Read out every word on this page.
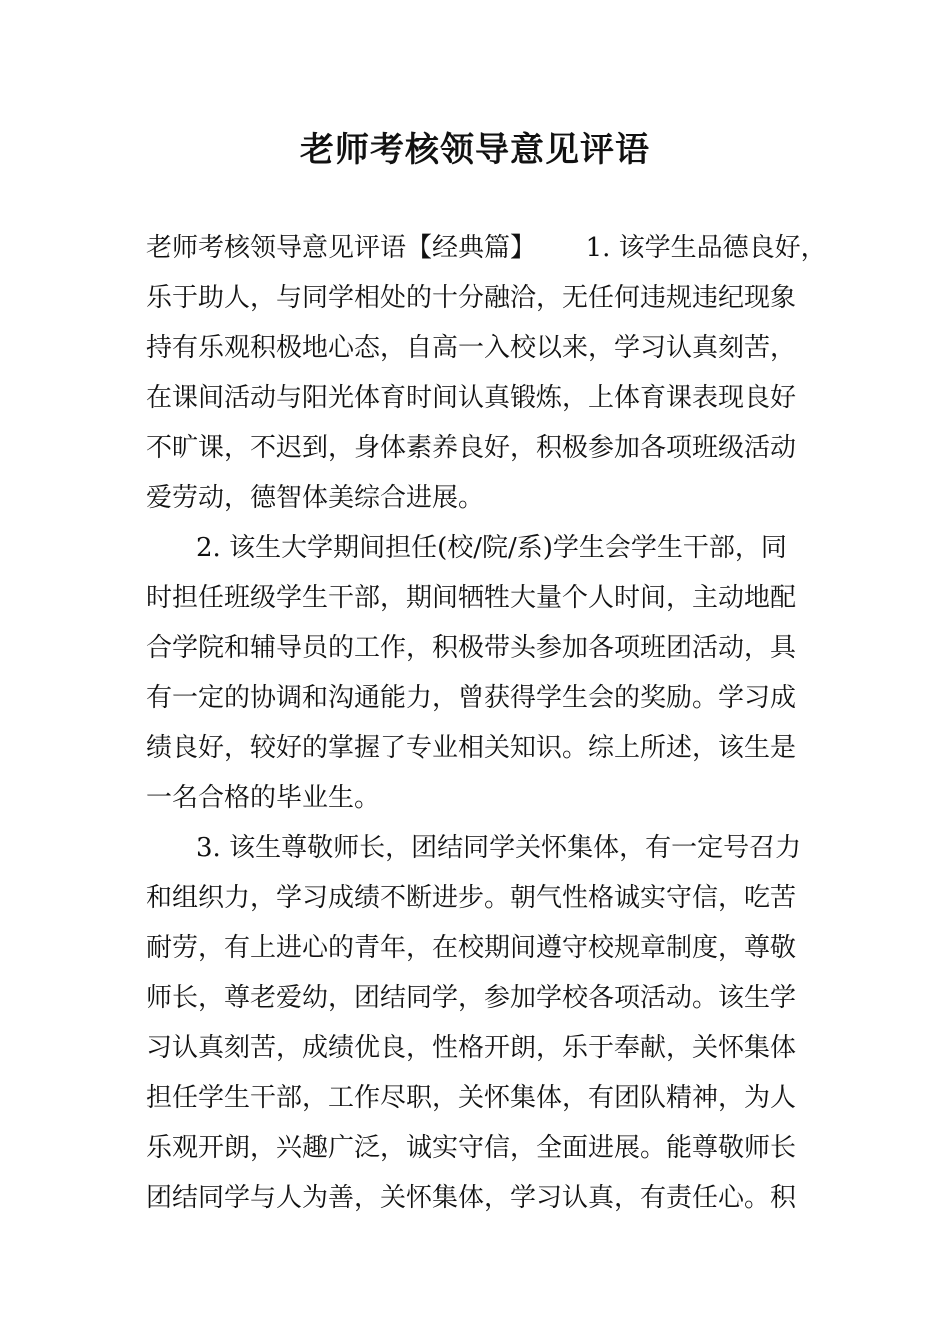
老师考核领导意见评语
老师考核领导意见评语【经典篇】      1. 该学生品德良好，
乐于助人，与同学相处的十分融洽，无任何违规违纪现象
持有乐观积极地心态，自高一入校以来，学习认真刻苦，
在课间活动与阳光体育时间认真锻炼，上体育课表现良好
不旷课，不迟到，身体素养良好，积极参加各项班级活动
爱劳动，德智体美综合进展。
2. 该生大学期间担任(校/院/系)学生会学生干部，同
时担任班级学生干部，期间牺牲大量个人时间，主动地配
合学院和辅导员的工作，积极带头参加各项班团活动，具
有一定的协调和沟通能力，曾获得学生会的奖励。学习成
绩良好，较好的掌握了专业相关知识。综上所述，该生是
一名合格的毕业生。
3. 该生尊敬师长，团结同学关怀集体，有一定号召力
和组织力，学习成绩不断进步。朝气性格诚实守信，吃苦
耐劳，有上进心的青年，在校期间遵守校规章制度，尊敬
师长，尊老爱幼，团结同学，参加学校各项活动。该生学
习认真刻苦，成绩优良，性格开朗，乐于奉献，关怀集体
担任学生干部，工作尽职，关怀集体，有团队精神，为人
乐观开朗，兴趣广泛，诚实守信，全面进展。能尊敬师长
团结同学与人为善，关怀集体，学习认真，有责任心。积
